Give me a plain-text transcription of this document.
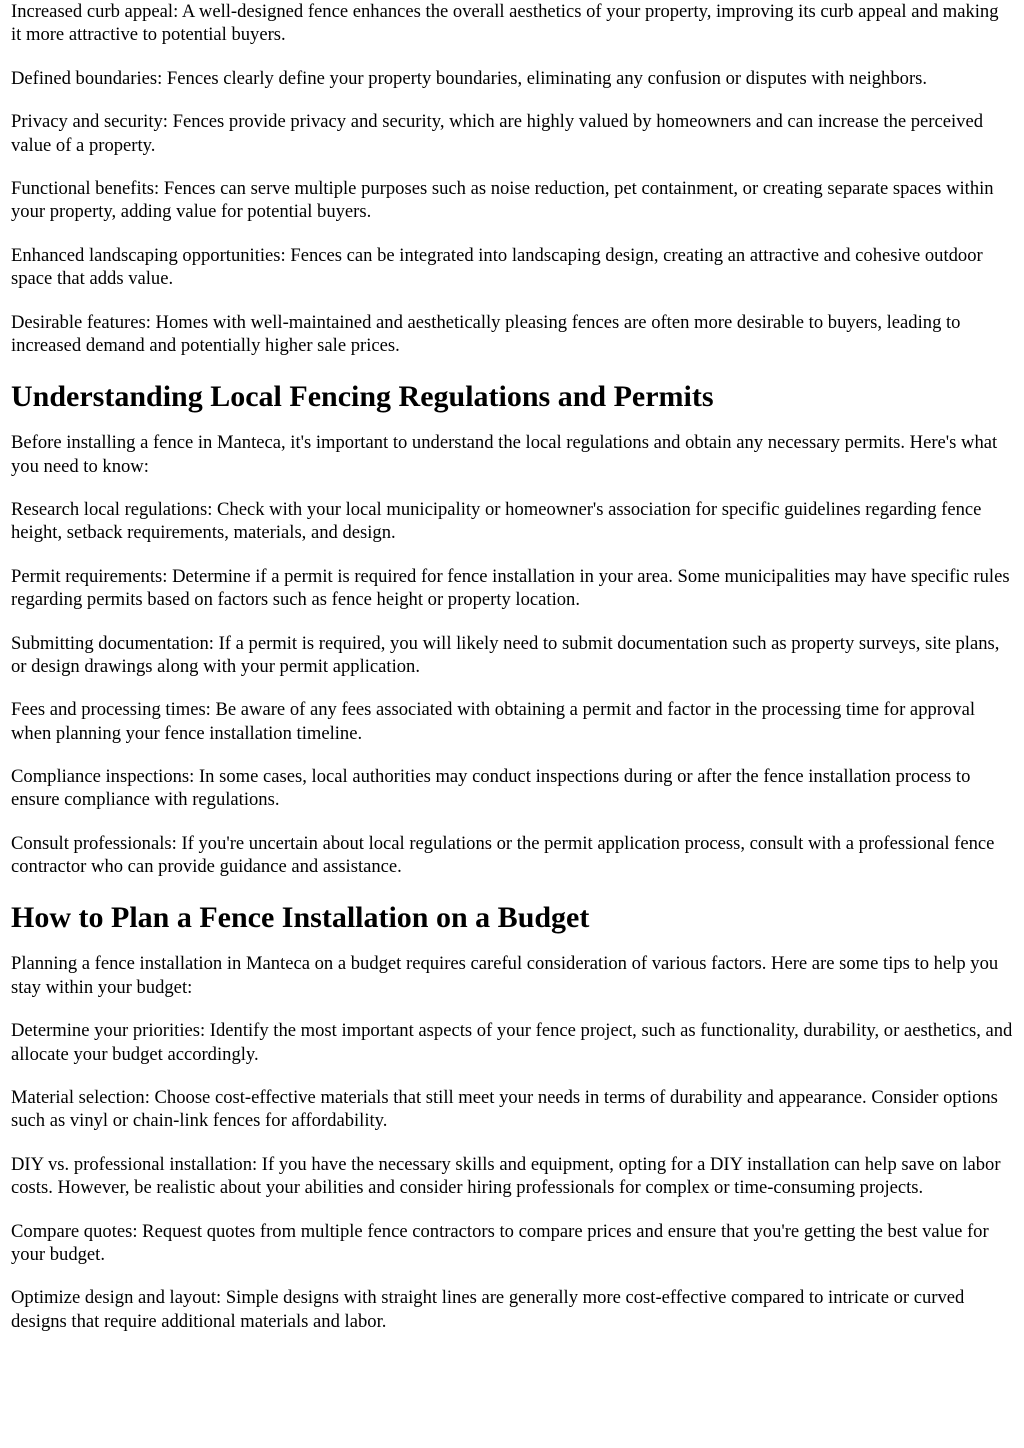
Increased curb appeal: A well-designed fence enhances the overall aesthetics of your property, improving its curb appeal and making it more attractive to potential buyers.

Defined boundaries: Fences clearly define your property boundaries, eliminating any confusion or disputes with neighbors.

Privacy and security: Fences provide privacy and security, which are highly valued by homeowners and can increase the perceived value of a property.

Functional benefits: Fences can serve multiple purposes such as noise reduction, pet containment, or creating separate spaces within your property, adding value for potential buyers.

Enhanced landscaping opportunities: Fences can be integrated into landscaping design, creating an attractive and cohesive outdoor space that adds value.

Desirable features: Homes with well-maintained and aesthetically pleasing fences are often more desirable to buyers, leading to increased demand and potentially higher sale prices.

Understanding Local Fencing Regulations and Permits

Before installing a fence in Manteca, it's important to understand the local regulations and obtain any necessary permits. Here's what you need to know:

Research local regulations: Check with your local municipality or homeowner's association for specific guidelines regarding fence height, setback requirements, materials, and design.

Permit requirements: Determine if a permit is required for fence installation in your area. Some municipalities may have specific rules regarding permits based on factors such as fence height or property location.

Submitting documentation: If a permit is required, you will likely need to submit documentation such as property surveys, site plans, or design drawings along with your permit application.

Fees and processing times: Be aware of any fees associated with obtaining a permit and factor in the processing time for approval when planning your fence installation timeline.

Compliance inspections: In some cases, local authorities may conduct inspections during or after the fence installation process to ensure compliance with regulations.

Consult professionals: If you're uncertain about local regulations or the permit application process, consult with a professional fence contractor who can provide guidance and assistance.

How to Plan a Fence Installation on a Budget

Planning a fence installation in Manteca on a budget requires careful consideration of various factors. Here are some tips to help you stay within your budget:

Determine your priorities: Identify the most important aspects of your fence project, such as functionality, durability, or aesthetics, and allocate your budget accordingly.

Material selection: Choose cost-effective materials that still meet your needs in terms of durability and appearance. Consider options such as vinyl or chain-link fences for affordability.

DIY vs. professional installation: If you have the necessary skills and equipment, opting for a DIY installation can help save on labor costs. However, be realistic about your abilities and consider hiring professionals for complex or time-consuming projects.

Compare quotes: Request quotes from multiple fence contractors to compare prices and ensure that you're getting the best value for your budget.

Optimize design and layout: Simple designs with straight lines are generally more cost-effective compared to intricate or curved designs that require additional materials and labor.
